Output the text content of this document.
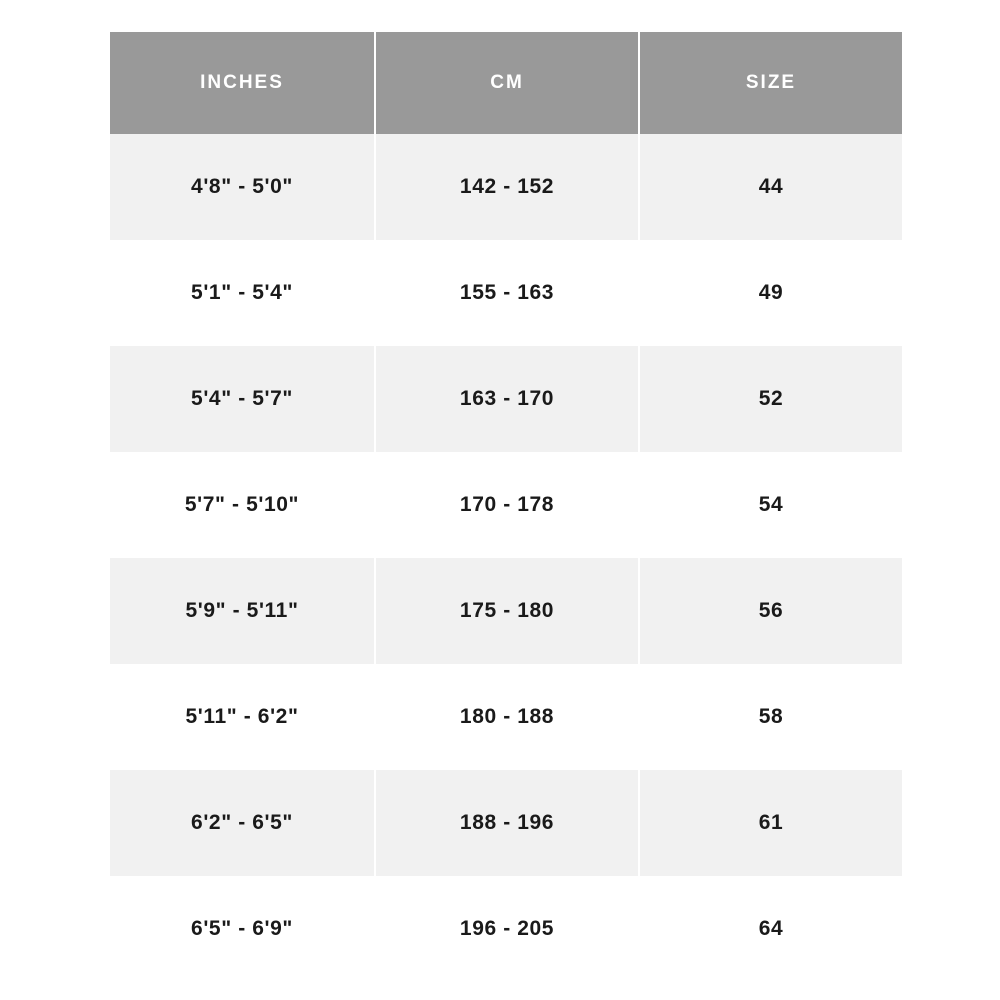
INCHES	CM	SIZE
4'8" - 5'0"	142 - 152	44
5'1" - 5'4"	155 - 163	49
5'4" - 5'7"	163 - 170	52
5'7" - 5'10"	170 - 178	54
5'9" - 5'11"	175 - 180	56
5'11" - 6'2"	180 - 188	58
6'2" - 6'5"	188 - 196	61
6'5" - 6'9"	196 - 205	64
